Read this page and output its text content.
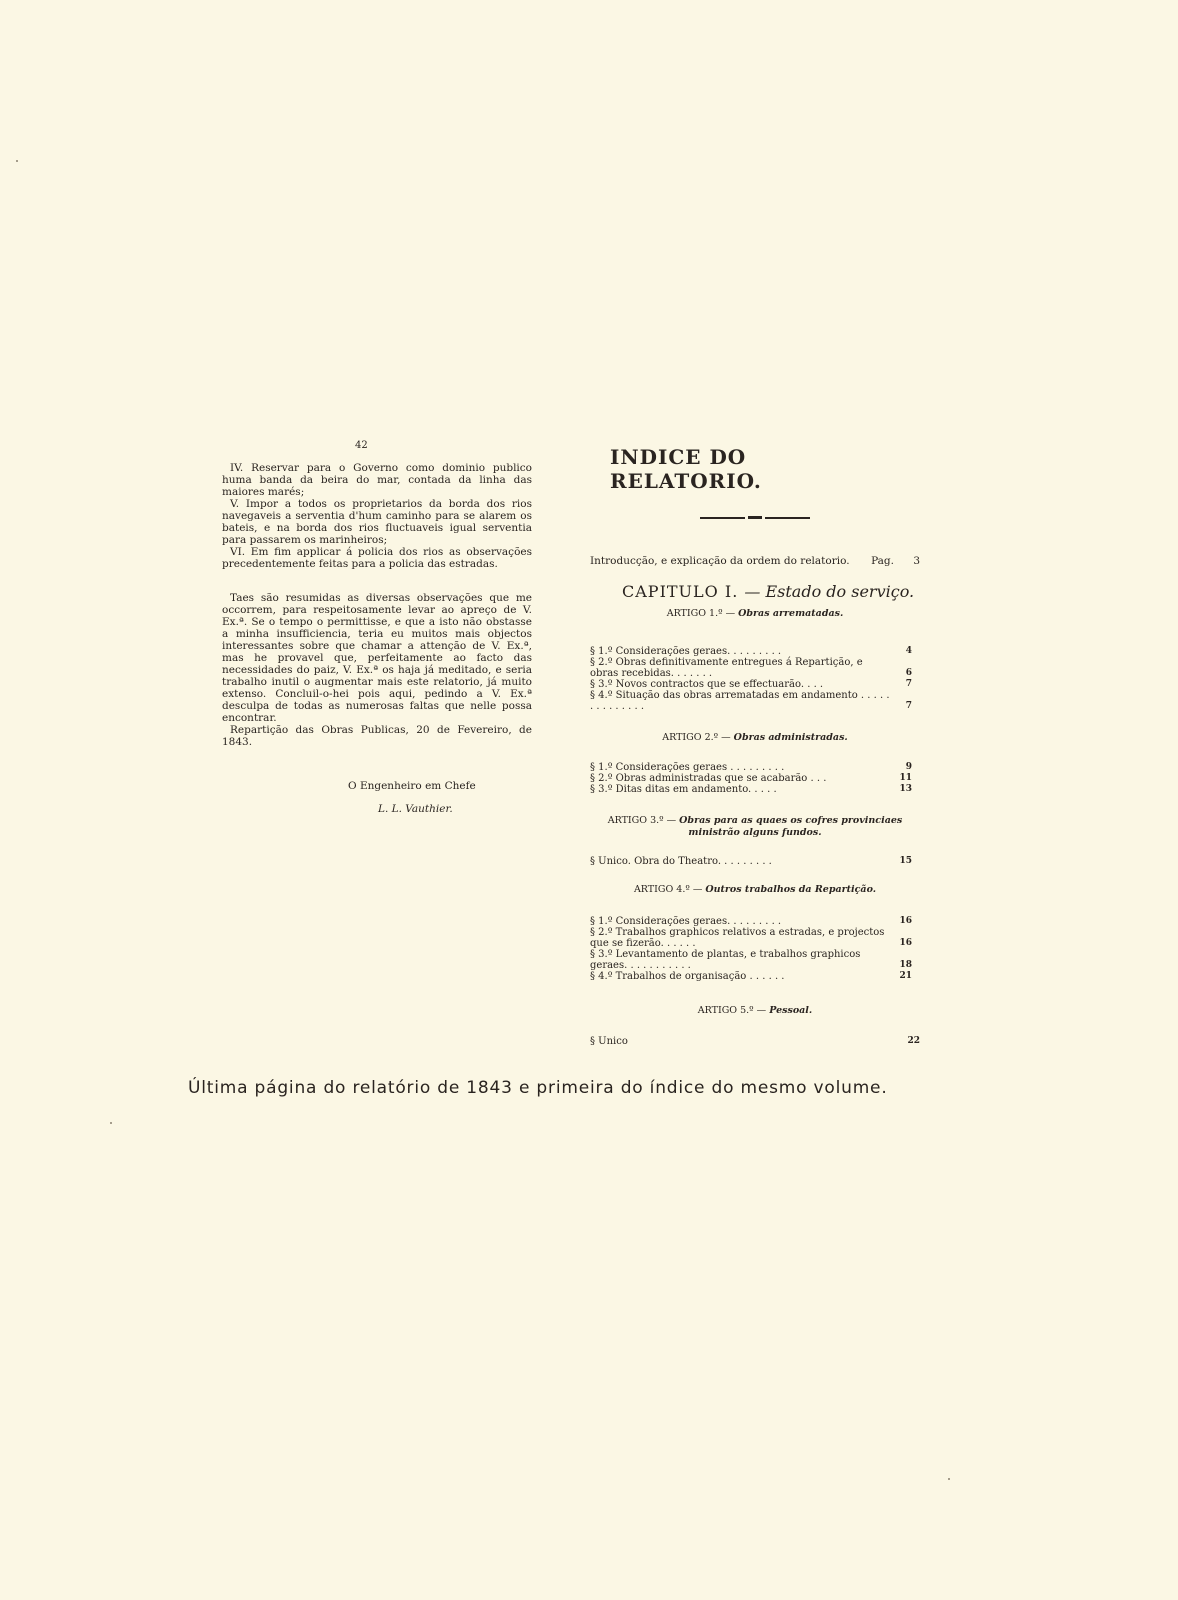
42

IV. Reservar para o Governo como dominio publico huma banda da beira do mar, contada da linha das maiores marés;

V. Impor a todos os proprietarios da borda dos rios navegaveis a serventia d'hum caminho para se alarem os bateis, e na borda dos rios fluctuaveis igual serventia para passarem os marinheiros;

VI. Em fim applicar á policia dos rios as observações precedentemente feitas para a policia das estradas.

Taes são resumidas as diversas observações que me occorrem, para respeitosamente levar ao apreço de V. Ex.ª. Se o tempo o permittisse, e que a isto não obstasse a minha insufficiencia, teria eu muitos mais objectos interessantes sobre que chamar a attenção de V. Ex.ª, mas he provavel que, perfeitamente ao facto das necessidades do paiz, V. Ex.ª os haja já meditado, e seria trabalho inutil o augmentar mais este relatorio, já muito extenso. Concluil-o-hei pois aqui, pedindo a V. Ex.ª desculpa de todas as numerosas faltas que nelle possa encontrar.

Repartição das Obras Publicas, 20 de Fevereiro, de 1843.

O Engenheiro em Chefe
L. L. Vauthier.
INDICE DO RELATORIO.
Introducção, e explicação da ordem do relatorio. Pag. 3
CAPITULO I. — Estado do serviço.
ARTIGO 1.º — Obras arrematadas.
§ 1.º Considerações geraes. . . . . . . . .	4
§ 2.º Obras definitivamente entregues á Repartição, e obras recebidas. . . . . . .	6
§ 3.º Novos contractos que se effectuarão. . . .	7
§ 4.º Situação das obras arrematadas em andamento . . . . . . . . . . . . . .	7
ARTIGO 2.º — Obras administradas.
§ 1.º Considerações geraes . . . . . . . . .	9
§ 2.º Obras administradas que se acabarão . . .	11
§ 3.º Ditas ditas em andamento. . . . .	13
ARTIGO 3.º — Obras para as quaes os cofres provinciaes ministrão alguns fundos.
§ Unico. Obra do Theatro. . . . . . . . .	15
ARTIGO 4.º — Outros trabalhos da Repartição.
§ 1.º Considerações geraes. . . . . . . . .	16
§ 2.º Trabalhos graphicos relativos a estradas, e projectos que se fizerão. . . . . .	16
§ 3.º Levantamento de plantas, e trabalhos graphicos geraes. . . . . . . . . . .	18
§ 4.º Trabalhos de organisação . . . . . .	21
ARTIGO 5.º — Pessoal.
§ Unico	22
Última página do relatório de 1843 e primeira do índice do mesmo volume.
